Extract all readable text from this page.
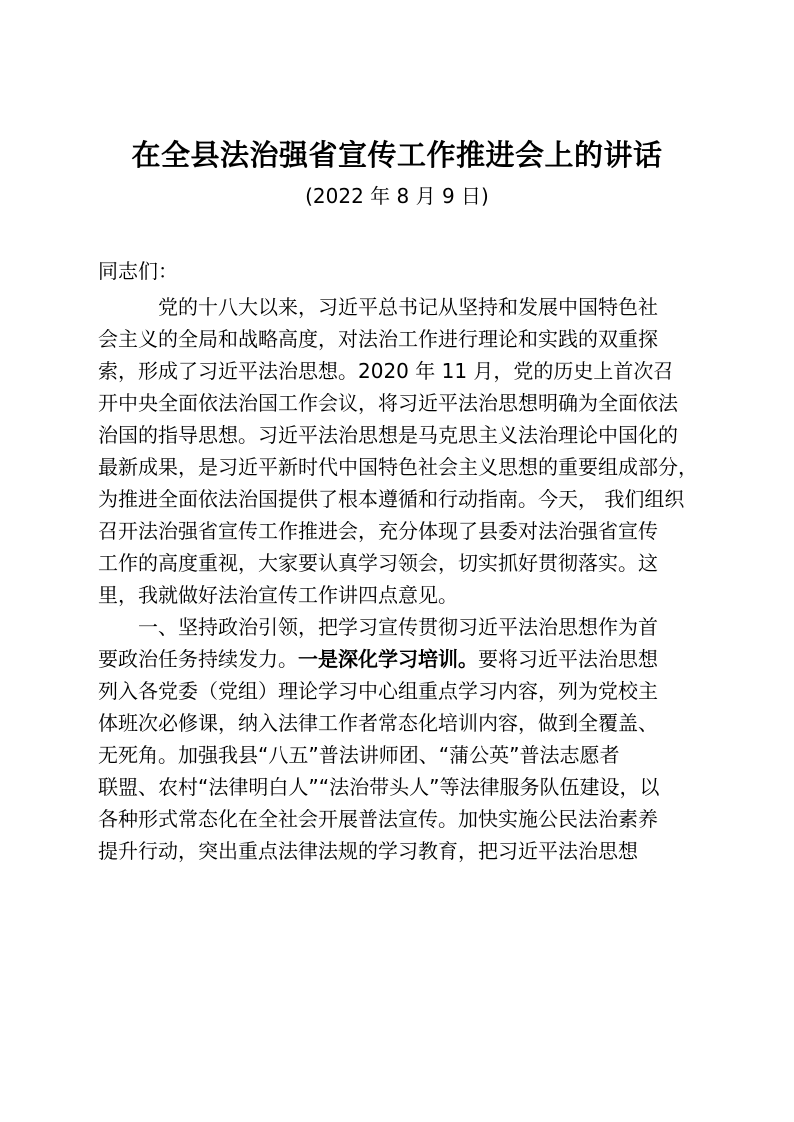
在全县法治强省宣传工作推进会上的讲话
(2022 年 8 月 9 日)
同志们：
党的十八大以来，习近平总书记从坚持和发展中国特色社
会主义的全局和战略高度，对法治工作进行理论和实践的双重探
索，形成了习近平法治思想。2020 年 11 月，党的历史上首次召
开中央全面依法治国工作会议，将习近平法治思想明确为全面依法
治国的指导思想。习近平法治思想是马克思主义法治理论中国化的
最新成果，是习近平新时代中国特色社会主义思想的重要组成部分，
为推进全面依法治国提供了根本遵循和行动指南。今天， 我们组织
召开法治强省宣传工作推进会，充分体现了县委对法治强省宣传
工作的高度重视，大家要认真学习领会，切实抓好贯彻落实。这
里，我就做好法治宣传工作讲四点意见。
一、坚持政治引领，把学习宣传贯彻习近平法治思想作为首
要政治任务持续发力。一是深化学习培训。要将习近平法治思想
列入各党委（党组）理论学习中心组重点学习内容，列为党校主
体班次必修课，纳入法律工作者常态化培训内容，做到全覆盖、
无死角。加强我县“八五”普法讲师团、“蒲公英”普法志愿者
联盟、农村“法律明白人”“法治带头人”等法律服务队伍建设，以
各种形式常态化在全社会开展普法宣传。加快实施公民法治素养
提升行动，突出重点法律法规的学习教育，把习近平法治思想
